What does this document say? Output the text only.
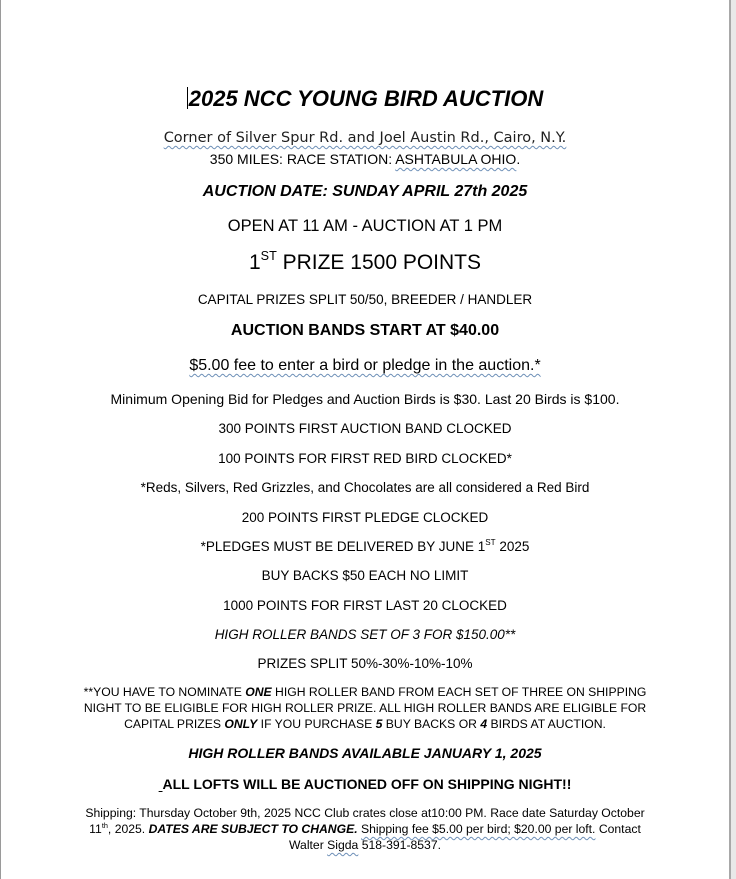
2025 NCC YOUNG BIRD AUCTION
Corner of Silver Spur Rd. and Joel Austin Rd., Cairo, N.Y.
350 MILES: RACE STATION: ASHTABULA OHIO.
AUCTION DATE: SUNDAY APRIL 27th 2025
OPEN AT 11 AM - AUCTION AT 1 PM
1ST PRIZE 1500 POINTS
CAPITAL PRIZES SPLIT 50/50, BREEDER / HANDLER
AUCTION BANDS START AT $40.00
$5.00 fee to enter a bird or pledge in the auction.*
Minimum Opening Bid for Pledges and Auction Birds is $30. Last 20 Birds is $100.
300 POINTS FIRST AUCTION BAND CLOCKED
100 POINTS FOR FIRST RED BIRD CLOCKED*
*Reds, Silvers, Red Grizzles, and Chocolates are all considered a Red Bird
200 POINTS FIRST PLEDGE CLOCKED
*PLEDGES MUST BE DELIVERED BY JUNE 1ST 2025
BUY BACKS $50 EACH NO LIMIT
1000 POINTS FOR FIRST LAST 20 CLOCKED
HIGH ROLLER BANDS SET OF 3 FOR $150.00**
PRIZES SPLIT 50%-30%-10%-10%
**YOU HAVE TO NOMINATE ONE HIGH ROLLER BAND FROM EACH SET OF THREE ON SHIPPING
NIGHT TO BE ELIGIBLE FOR HIGH ROLLER PRIZE. ALL HIGH ROLLER BANDS ARE ELIGIBLE FOR
CAPITAL PRIZES ONLY IF YOU PURCHASE 5 BUY BACKS OR 4 BIRDS AT AUCTION.
HIGH ROLLER BANDS AVAILABLE JANUARY 1, 2025
ALL LOFTS WILL BE AUCTIONED OFF ON SHIPPING NIGHT!!
Shipping: Thursday October 9th, 2025 NCC Club crates close at10:00 PM. Race date Saturday October
11th, 2025. DATES ARE SUBJECT TO CHANGE. Shipping fee $5.00 per bird; $20.00 per loft. Contact
Walter Sigda 518-391-8537.
